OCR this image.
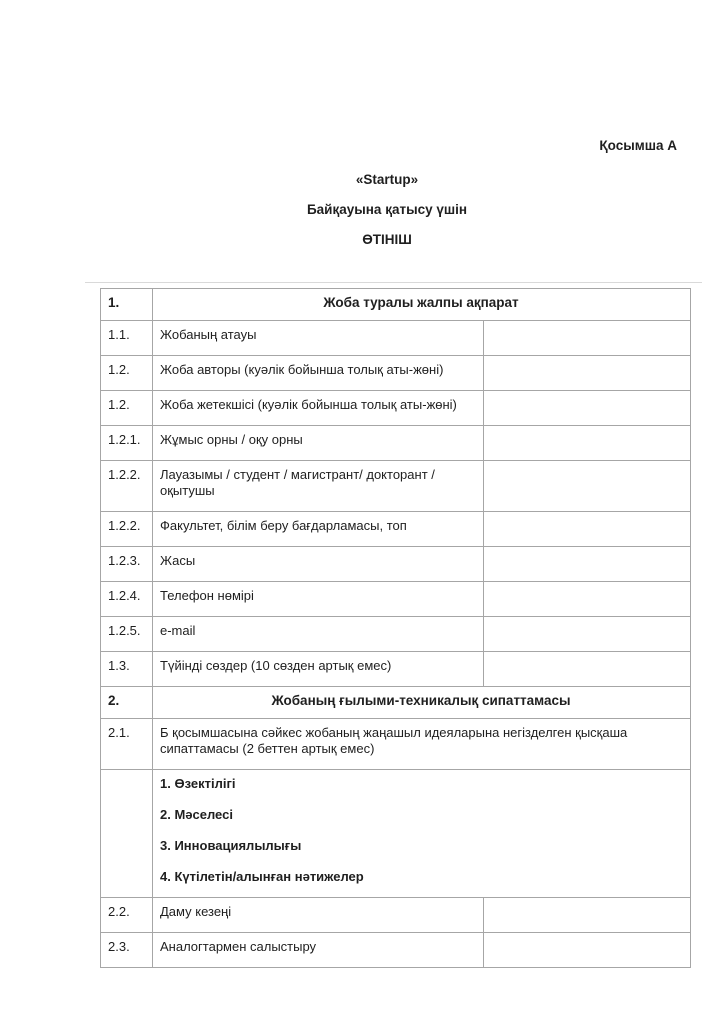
Қосымша А
«Startup»
Байқауына қатысу үшін
ӨТІНІШ
1.	Жоба туралы жалпы ақпарат	
1.1.	Жобаның атауы	
1.2.	Жоба авторы (куәлік бойынша толық аты-жөні)	
1.2.	Жоба жетекшісі (куәлік бойынша толық аты-жөні)	
1.2.1.	Жұмыс орны / оқу орны	
1.2.2.	Лауазымы / студент / магистрант/ докторант / оқытушы	
1.2.2.	Факультет, білім беру бағдарламасы, топ	
1.2.3.	Жасы	
1.2.4.	Телефон нөмірі	
1.2.5.	e-mail	
1.3.	Түйінді сөздер (10 сөзден артық емес)	
2.	Жобаның ғылыми-техникалық сипаттамасы	
2.1.	Б қосымшасына сәйкес жобаның жаңашыл идеяларына негізделген қысқаша сипаттамасы (2 беттен артық емес)	

	1. Өзектілігі

2. Мәселесі

3. Инновациялылығы

4. Күтілетін/алынған нәтижелер	

2.2.	Даму кезеңі	
2.3.	Аналогтармен салыстыру	
